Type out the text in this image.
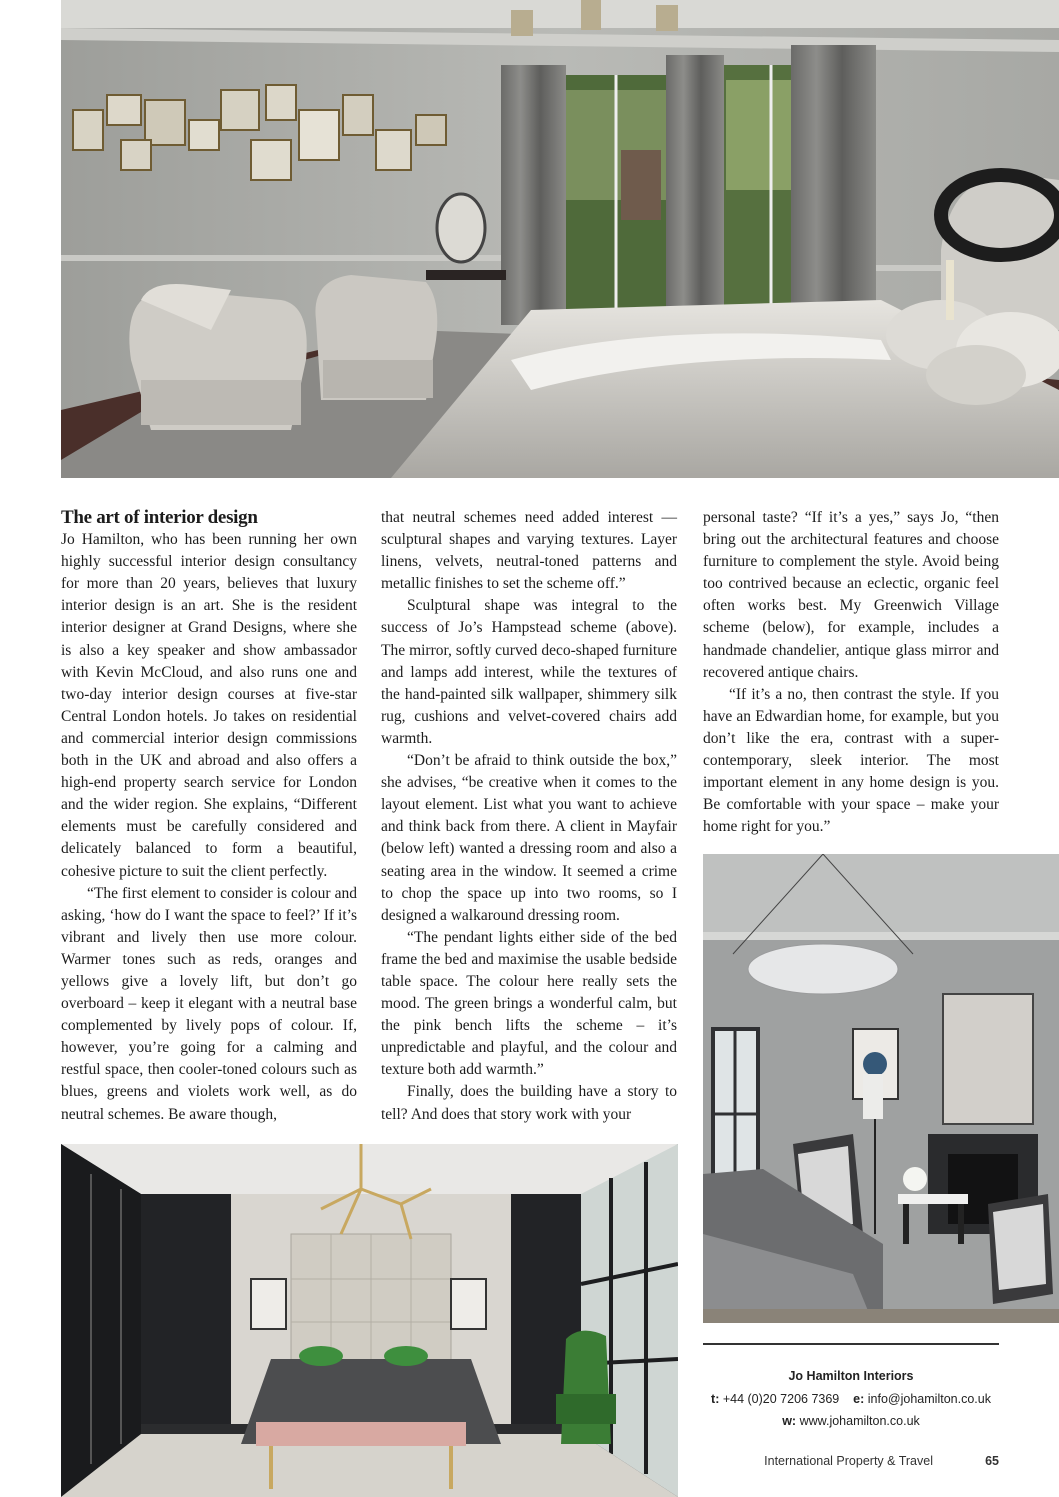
The art of interior design

Jo Hamilton, who has been running her own highly successful interior design consultancy for more than 20 years, believes that luxury interior design is an art. She is the resident interior designer at Grand Designs, where she is also a key speaker and show ambassador with Kevin McCloud, and also runs one and two-day interior design courses at five-star Central London hotels. Jo takes on residential and commercial interior design commissions both in the UK and abroad and also offers a high-end property search service for London and the wider region. She explains, “Different elements must be carefully considered and delicately balanced to form a beautiful, cohesive picture to suit the client perfectly.

“The first element to consider is colour and asking, ‘how do I want the space to feel?’ If it’s vibrant and lively then use more colour. Warmer tones such as reds, oranges and yellows give a lovely lift, but don’t go overboard – keep it elegant with a neutral base complemented by lively pops of colour. If, however, you’re going for a calming and restful space, then cooler-toned colours such as blues, greens and violets work well, as do neutral schemes. Be aware though,

that neutral schemes need added interest — sculptural shapes and varying textures. Layer linens, velvets, neutral-toned patterns and metallic finishes to set the scheme off.”

Sculptural shape was integral to the success of Jo’s Hampstead scheme (above). The mirror, softly curved deco-shaped furniture and lamps add interest, while the textures of the hand-painted silk wallpaper, shimmery silk rug, cushions and velvet-covered chairs add warmth.

“Don’t be afraid to think outside the box,” she advises, “be creative when it comes to the layout element. List what you want to achieve and think back from there. A client in Mayfair (below left) wanted a dressing room and also a seating area in the window. It seemed a crime to chop the space up into two rooms, so I designed a walkaround dressing room.

“The pendant lights either side of the bed frame the bed and maximise the usable bedside table space. The colour here really sets the mood. The green brings a wonderful calm, but the pink bench lifts the scheme – it’s unpredictable and playful, and the colour and texture both add warmth.”

Finally, does the building have a story to tell? And does that story work with your

personal taste? “If it’s a yes,” says Jo, “then bring out the architectural features and choose furniture to complement the style. Avoid being too contrived because an eclectic, organic feel often works best. My Greenwich Village scheme (below), for example, includes a handmade chandelier, antique glass mirror and recovered antique chairs.

“If it’s a no, then contrast the style. If you have an Edwardian home, for example, but you don’t like the era, contrast with a super-contemporary, sleek interior. The most important element in any home design is you. Be comfortable with your space – make your home right for you.”

Jo Hamilton Interiors
t: +44 (0)20 7206 7369 e: info@johamilton.co.uk
w: www.johamilton.co.uk
International Property & Travel	65
